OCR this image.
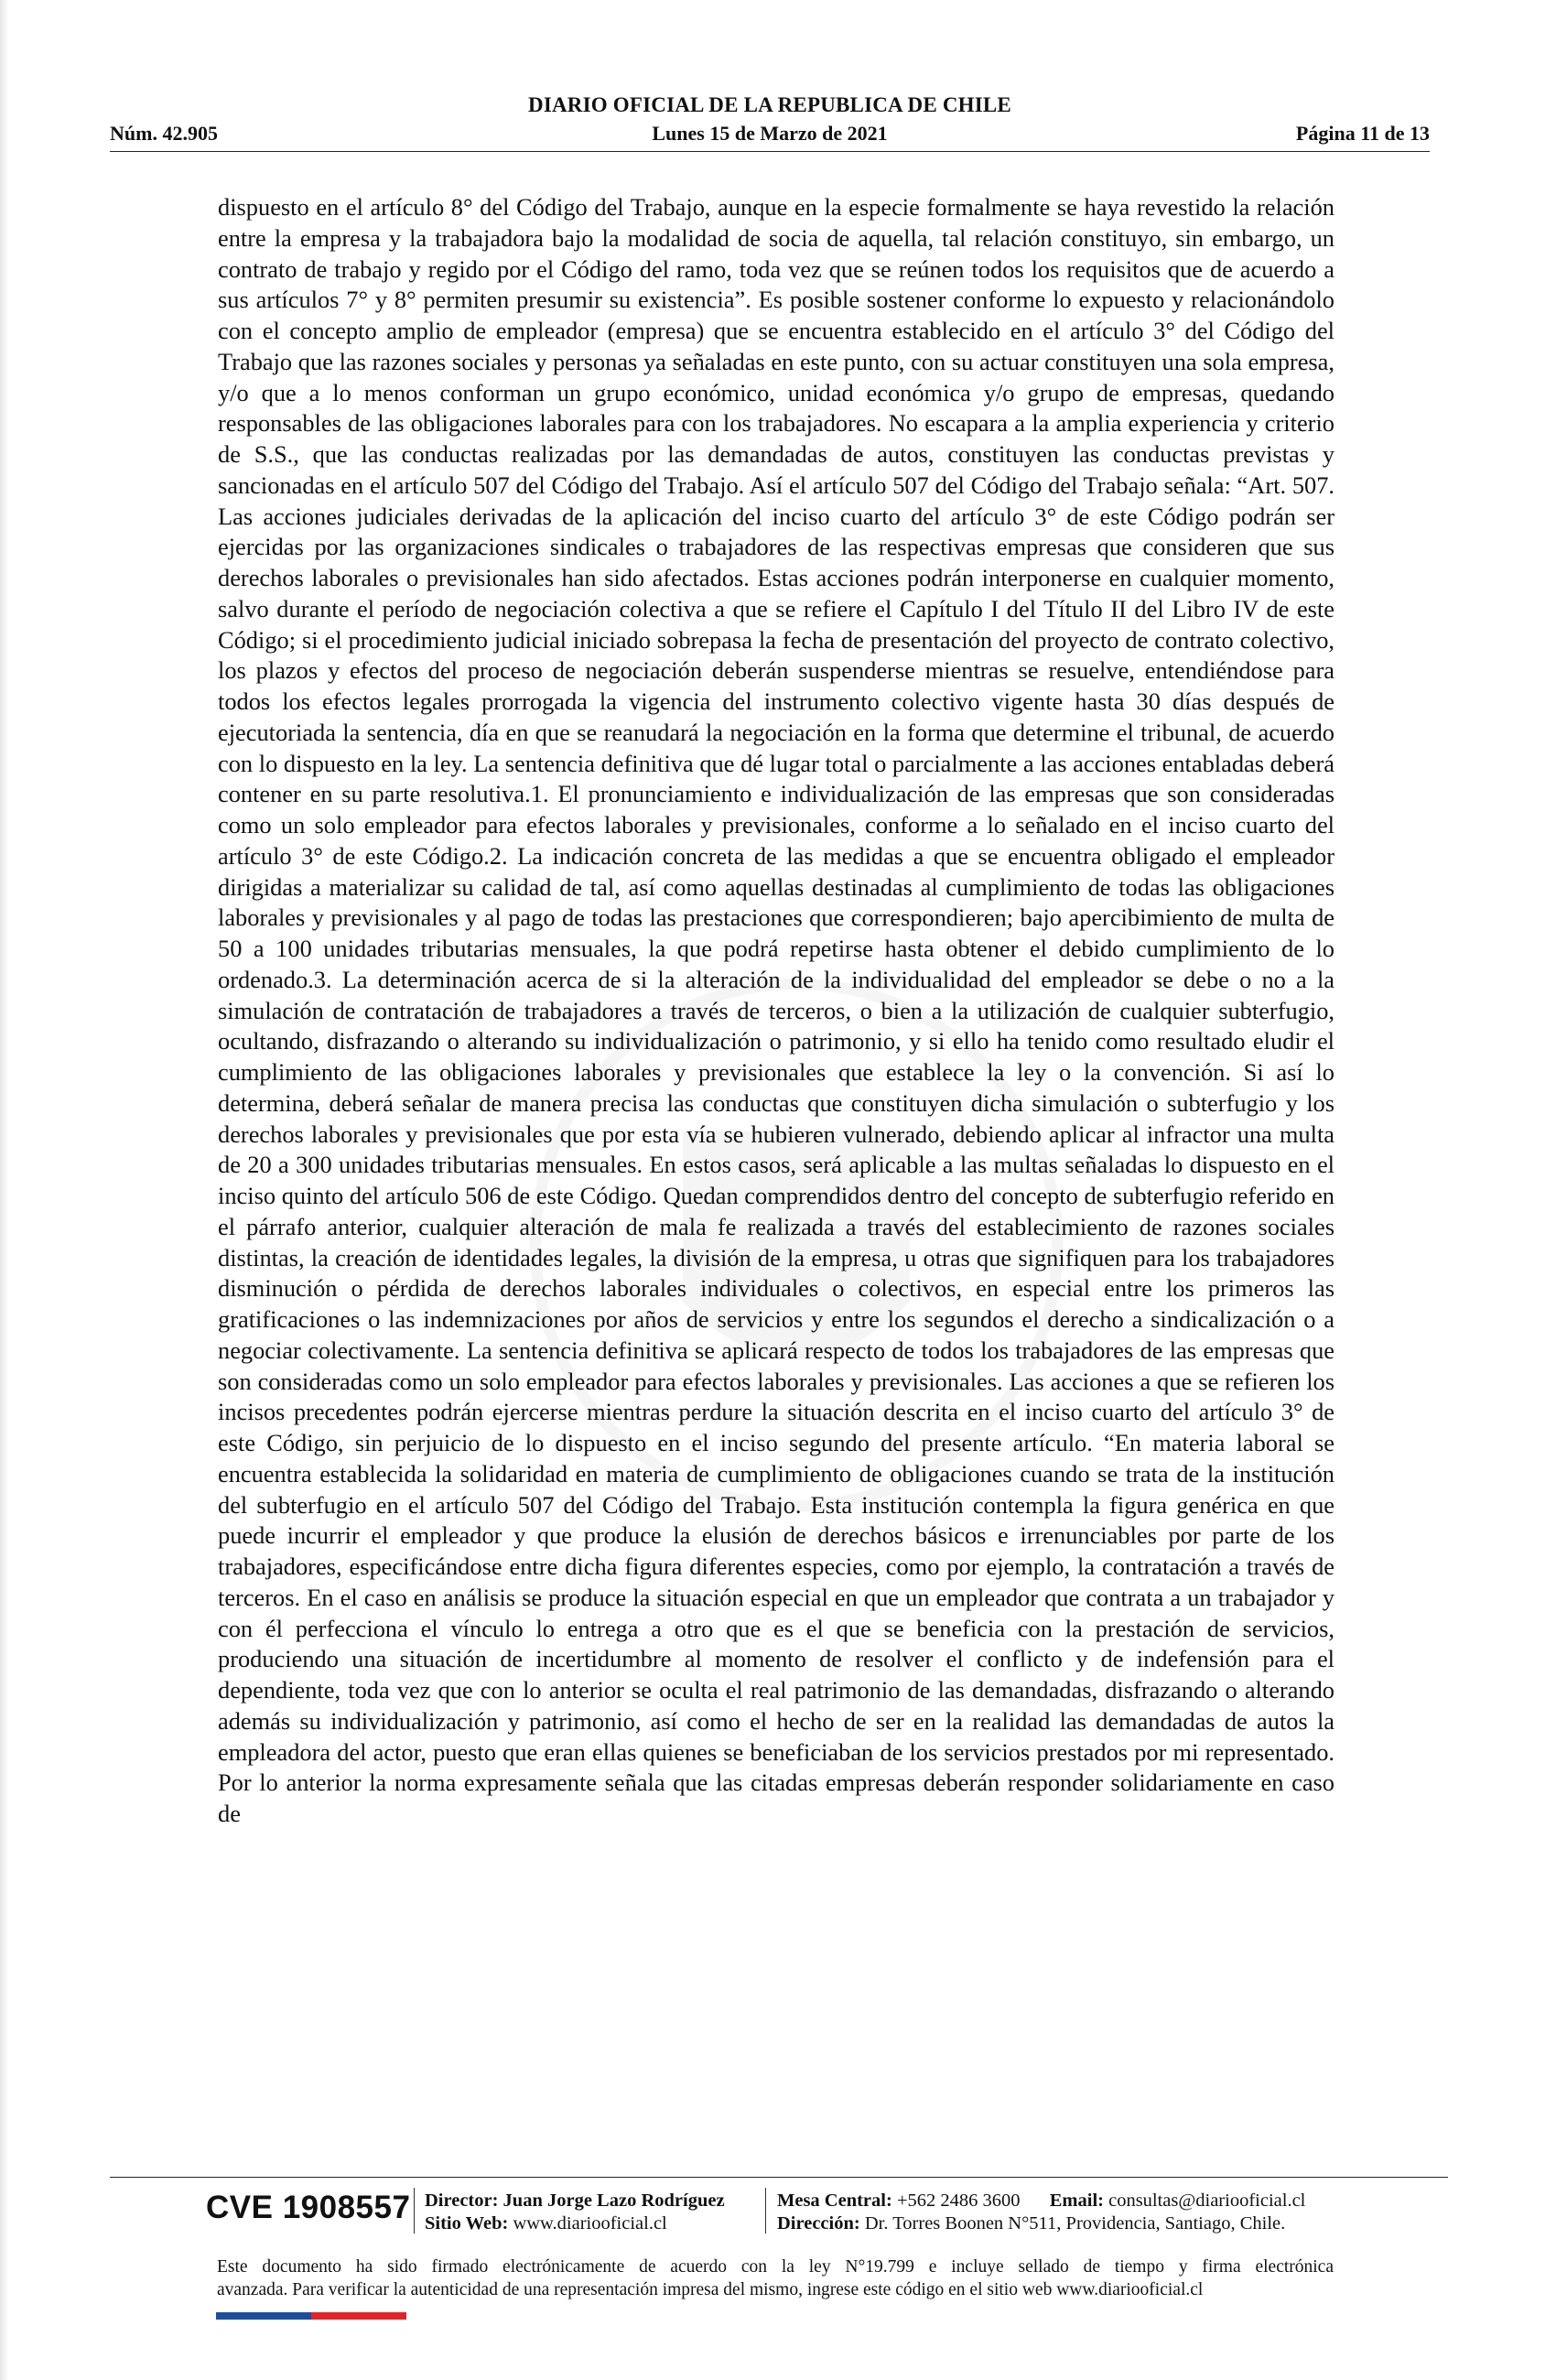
DIARIO OFICIAL DE LA REPUBLICA DE CHILE
Núm. 42.905	Lunes 15 de Marzo de 2021	Página 11 de 13

dispuesto en el artículo 8° del Código del Trabajo, aunque en la especie formalmente se haya revestido la relación entre la empresa y la trabajadora bajo la modalidad de socia de aquella, tal relación constituyo, sin embargo, un contrato de trabajo y regido por el Código del ramo, toda vez que se reúnen todos los requisitos que de acuerdo a sus artículos 7° y 8° permiten presumir su existencia”. Es posible sostener conforme lo expuesto y relacionándolo con el concepto amplio de empleador (empresa) que se encuentra establecido en el artículo 3° del Código del Trabajo que las razones sociales y personas ya señaladas en este punto, con su actuar constituyen una sola empresa, y/o que a lo menos conforman un grupo económico, unidad económica y/o grupo de empresas, quedando responsables de las obligaciones laborales para con los trabajadores. No escapara a la amplia experiencia y criterio de S.S., que las conductas realizadas por las demandadas de autos, constituyen las conductas previstas y sancionadas en el artículo 507 del Código del Trabajo. Así el artículo 507 del Código del Trabajo señala: “Art. 507. Las acciones judiciales derivadas de la aplicación del inciso cuarto del artículo 3° de este Código podrán ser ejercidas por las organizaciones sindicales o trabajadores de las respectivas empresas que consideren que sus derechos laborales o previsionales han sido afectados. Estas acciones podrán interponerse en cualquier momento, salvo durante el período de negociación colectiva a que se refiere el Capítulo I del Título II del Libro IV de este Código; si el procedimiento judicial iniciado sobrepasa la fecha de presentación del proyecto de contrato colectivo, los plazos y efectos del proceso de negociación deberán suspenderse mientras se resuelve, entendiéndose para todos los efectos legales prorrogada la vigencia del instrumento colectivo vigente hasta 30 días después de ejecutoriada la sentencia, día en que se reanudará la negociación en la forma que determine el tribunal, de acuerdo con lo dispuesto en la ley. La sentencia definitiva que dé lugar total o parcialmente a las acciones entabladas deberá contener en su parte resolutiva.1. El pronunciamiento e individualización de las empresas que son consideradas como un solo empleador para efectos laborales y previsionales, conforme a lo señalado en el inciso cuarto del artículo 3° de este Código.2. La indicación concreta de las medidas a que se encuentra obligado el empleador dirigidas a materializar su calidad de tal, así como aquellas destinadas al cumplimiento de todas las obligaciones laborales y previsionales y al pago de todas las prestaciones que correspondieren; bajo apercibimiento de multa de 50 a 100 unidades tributarias mensuales, la que podrá repetirse hasta obtener el debido cumplimiento de lo ordenado.3. La determinación acerca de si la alteración de la individualidad del empleador se debe o no a la simulación de contratación de trabajadores a través de terceros, o bien a la utilización de cualquier subterfugio, ocultando, disfrazando o alterando su individualización o patrimonio, y si ello ha tenido como resultado eludir el cumplimiento de las obligaciones laborales y previsionales que establece la ley o la convención. Si así lo determina, deberá señalar de manera precisa las conductas que constituyen dicha simulación o subterfugio y los derechos laborales y previsionales que por esta vía se hubieren vulnerado, debiendo aplicar al infractor una multa de 20 a 300 unidades tributarias mensuales. En estos casos, será aplicable a las multas señaladas lo dispuesto en el inciso quinto del artículo 506 de este Código. Quedan comprendidos dentro del concepto de subterfugio referido en el párrafo anterior, cualquier alteración de mala fe realizada a través del establecimiento de razones sociales distintas, la creación de identidades legales, la división de la empresa, u otras que signifiquen para los trabajadores disminución o pérdida de derechos laborales individuales o colectivos, en especial entre los primeros las gratificaciones o las indemnizaciones por años de servicios y entre los segundos el derecho a sindicalización o a negociar colectivamente. La sentencia definitiva se aplicará respecto de todos los trabajadores de las empresas que son consideradas como un solo empleador para efectos laborales y previsionales. Las acciones a que se refieren los incisos precedentes podrán ejercerse mientras perdure la situación descrita en el inciso cuarto del artículo 3° de este Código, sin perjuicio de lo dispuesto en el inciso segundo del presente artículo. “En materia laboral se encuentra establecida la solidaridad en materia de cumplimiento de obligaciones cuando se trata de la institución del subterfugio en el artículo 507 del Código del Trabajo. Esta institución contempla la figura genérica en que puede incurrir el empleador y que produce la elusión de derechos básicos e irrenunciables por parte de los trabajadores, especificándose entre dicha figura diferentes especies, como por ejemplo, la contratación a través de terceros. En el caso en análisis se produce la situación especial en que un empleador que contrata a un trabajador y con él perfecciona el vínculo lo entrega a otro que es el que se beneficia con la prestación de servicios, produciendo una situación de incertidumbre al momento de resolver el conflicto y de indefensión para el dependiente, toda vez que con lo anterior se oculta el real patrimonio de las demandadas, disfrazando o alterando además su individualización y patrimonio, así como el hecho de ser en la realidad las demandadas de autos la empleadora del actor, puesto que eran ellas quienes se beneficiaban de los servicios prestados por mi representado. Por lo anterior la norma expresamente señala que las citadas empresas deberán responder solidariamente en caso de

CVE 1908557 Director: Juan Jorge Lazo Rodríguez
Sitio Web: www.diariooficial.cl
Mesa Central: +562 2486 3600 Email: consultas@diariooficial.cl
Dirección: Dr. Torres Boonen N°511, Providencia, Santiago, Chile.
Este documento ha sido firmado electrónicamente de acuerdo con la ley N°19.799 e incluye sellado de tiempo y firma electrónica
avanzada. Para verificar la autenticidad de una representación impresa del mismo, ingrese este código en el sitio web www.diariooficial.cl
